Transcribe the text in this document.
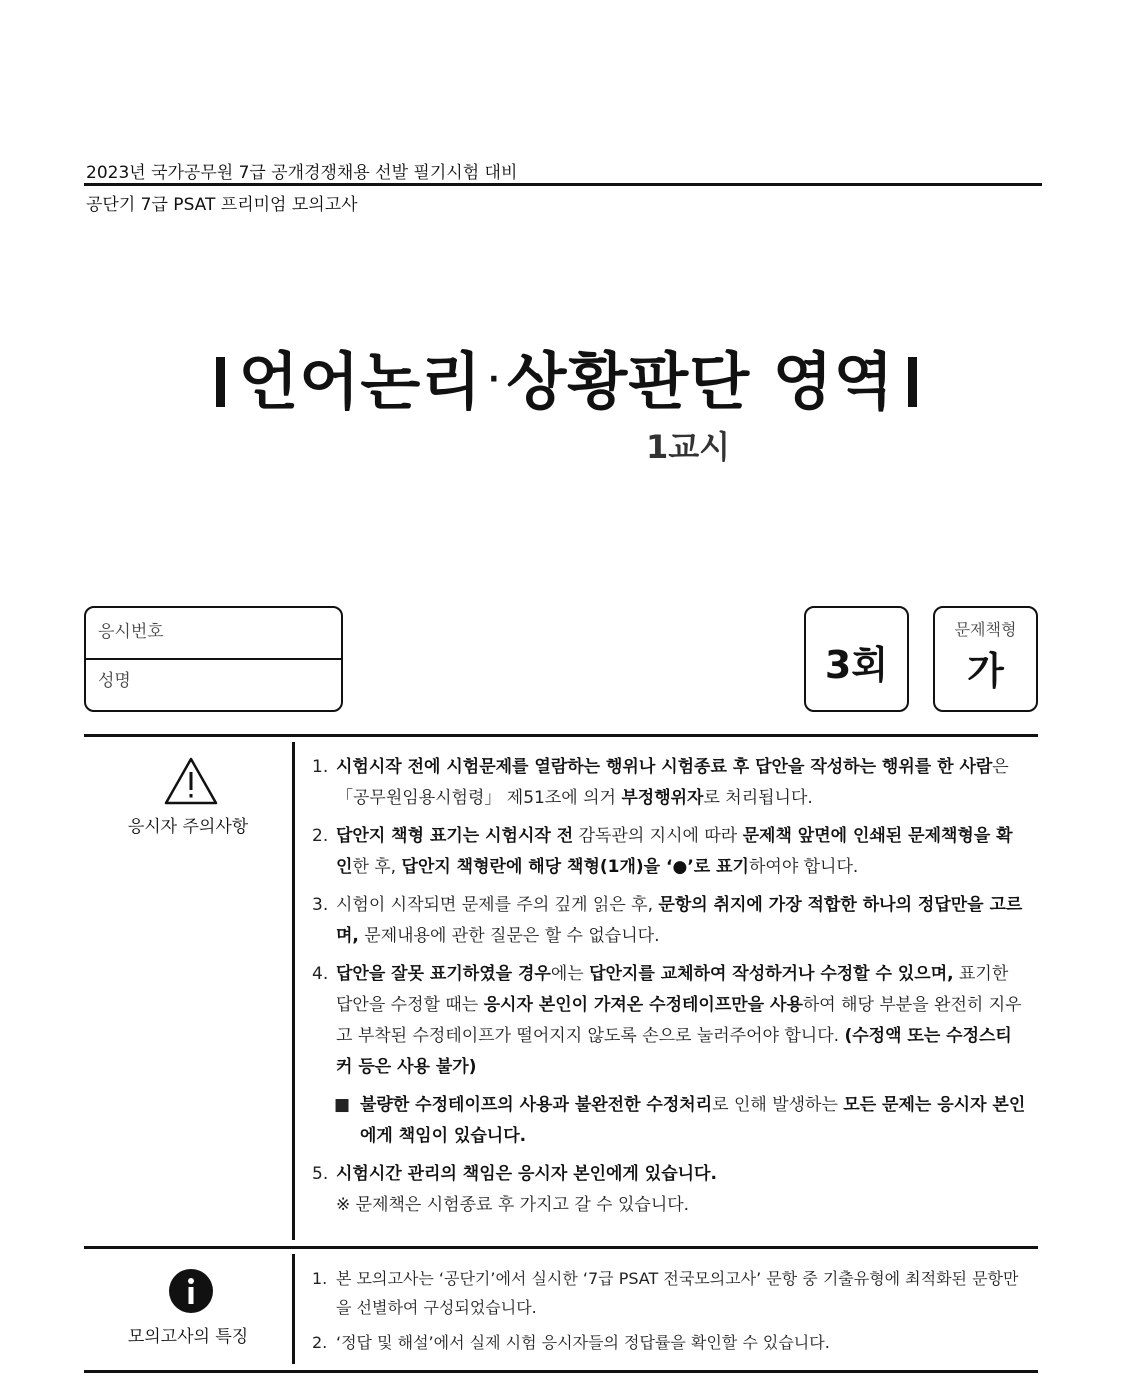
2023년 국가공무원 7급 공개경쟁채용 선발 필기시험 대비
공단기 7급 PSAT 프리미엄 모의고사
언어논리 ·상황판단 영역
1교시
응시번호
성명	3회
문제책형
가
응시자 주의사항
1. 시험시작 전에 시험문제를 열람하는 행위나 시험종료 후 답안을 작성하는 행위를 한 사람은 「공무원임용시험령」 제51조에 의거 부정행위자로 처리됩니다.
2. 답안지 책형 표기는 시험시작 전 감독관의 지시에 따라 문제책 앞면에 인쇄된 문제책형을 확인한 후, 답안지 책형란에 해당 책형(1개)을 ‘●’로 표기하여야 합니다.
3. 시험이 시작되면 문제를 주의 깊게 읽은 후, 문항의 취지에 가장 적합한 하나의 정답만을 고르며, 문제내용에 관한 질문은 할 수 없습니다.
4. 답안을 잘못 표기하였을 경우에는 답안지를 교체하여 작성하거나 수정할 수 있으며, 표기한 답안을 수정할 때는 응시자 본인이 가져온 수정테이프만을 사용하여 해당 부분을 완전히 지우고 부착된 수정테이프가 떨어지지 않도록 손으로 눌러주어야 합니다. (수정액 또는 수정스티커 등은 사용 불가)
■ 불량한 수정테이프의 사용과 불완전한 수정처리로 인해 발생하는 모든 문제는 응시자 본인에게 책임이 있습니다.
5. 시험시간 관리의 책임은 응시자 본인에게 있습니다.
※ 문제책은 시험종료 후 가지고 갈 수 있습니다.
모의고사의 특징
1. 본 모의고사는 ‘공단기’에서 실시한 ‘7급 PSAT 전국모의고사’ 문항 중 기출유형에 최적화된 문항만을 선별하여 구성되었습니다.
2. ‘정답 및 해설’에서 실제 시험 응시자들의 정답률을 확인할 수 있습니다.
